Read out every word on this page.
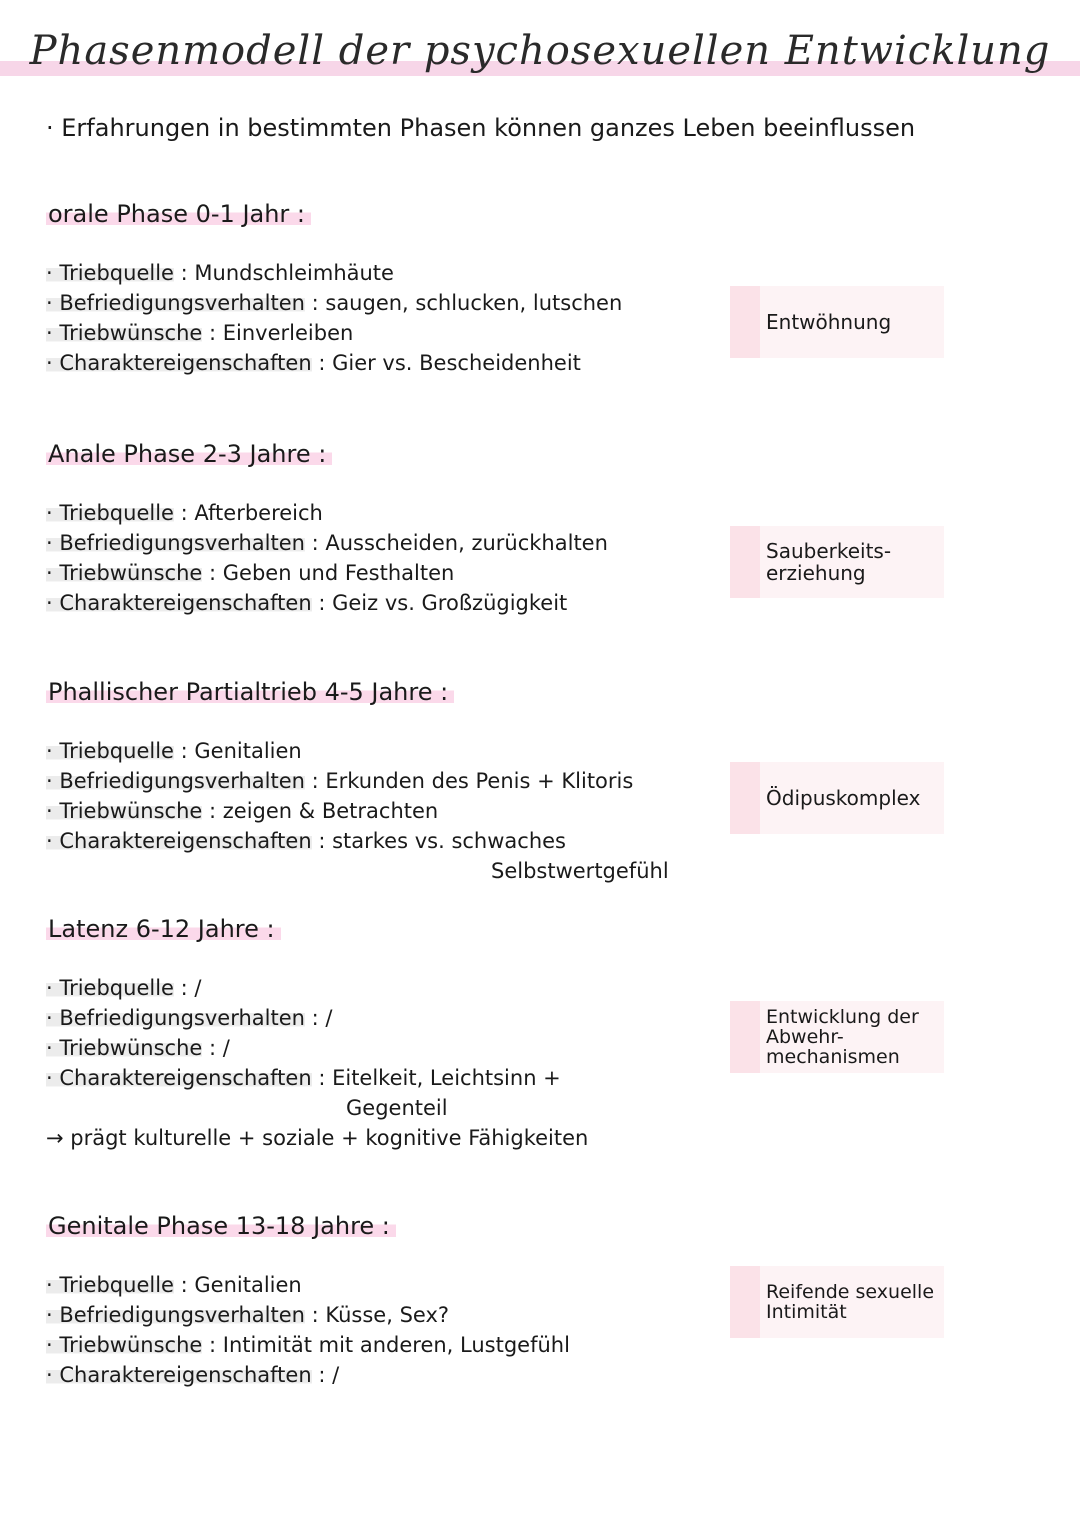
Phasenmodell der psychosexuellen Entwicklung
· Erfahrungen in bestimmten Phasen können ganzes Leben beeinflussen
orale Phase 0-1 Jahr :
· Triebquelle : Mundschleimhäute
· Befriedigungsverhalten : saugen, schlucken, lutschen
· Triebwünsche : Einverleiben
· Charaktereigenschaften : Gier vs. Bescheidenheit
Entwöhnung
Anale Phase 2-3 Jahre :
· Triebquelle : Afterbereich
· Befriedigungsverhalten : Ausscheiden, zurückhalten
· Triebwünsche : Geben und Festhalten
· Charaktereigenschaften : Geiz vs. Großzügigkeit
Sauberkeits-
erziehung
Phallischer Partialtrieb 4-5 Jahre :
· Triebquelle : Genitalien
· Befriedigungsverhalten : Erkunden des Penis + Klitoris
· Triebwünsche : zeigen & Betrachten
· Charaktereigenschaften : starkes vs. schwaches
Selbstwertgefühl
Ödipuskomplex
Latenz 6-12 Jahre :
· Triebquelle : /
· Befriedigungsverhalten : /
· Triebwünsche : /
· Charaktereigenschaften : Eitelkeit, Leichtsinn +
Gegenteil
→ prägt kulturelle + soziale + kognitive Fähigkeiten
Entwicklung der
Abwehr-
mechanismen
Genitale Phase 13-18 Jahre :
· Triebquelle : Genitalien
· Befriedigungsverhalten : Küsse, Sex?
· Triebwünsche : Intimität mit anderen, Lustgefühl
· Charaktereigenschaften : /
Reifende sexuelle
Intimität
